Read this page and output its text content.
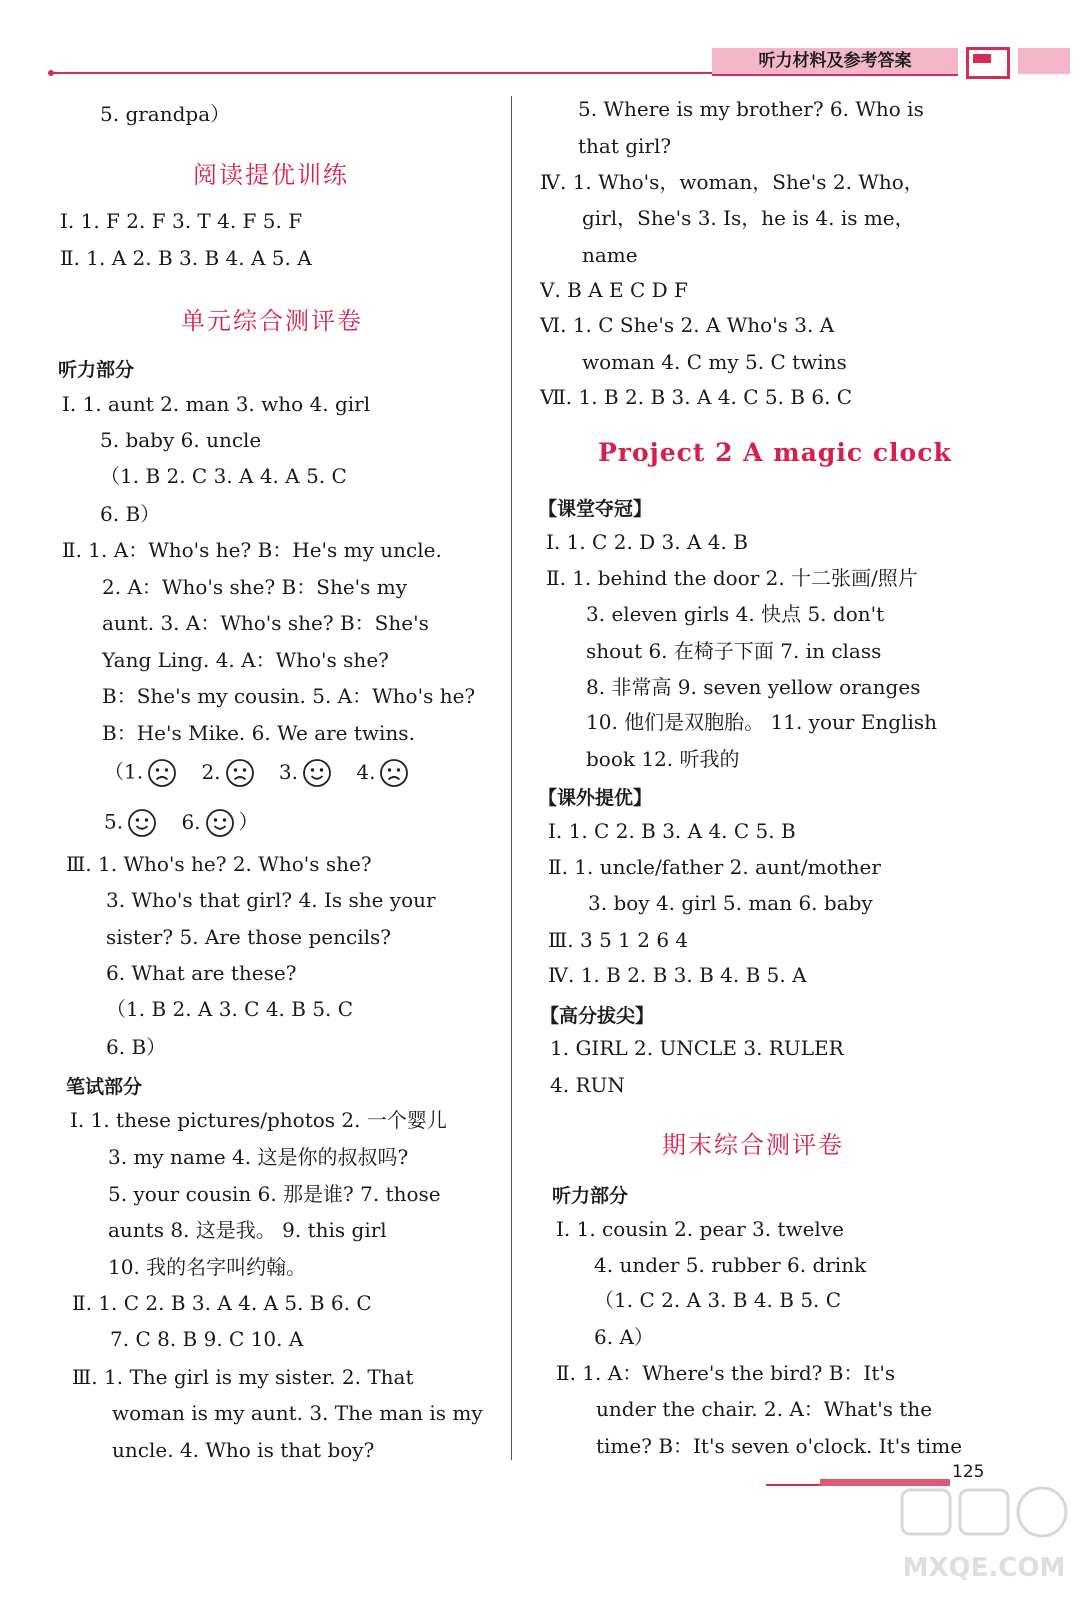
听力材料及参考答案
5. grandpa）
阅读提优训练
Ⅰ. 1. F 2. F 3. T 4. F 5. F
Ⅱ. 1. A 2. B 3. B 4. A 5. A
单元综合测评卷
听力部分
Ⅰ. 1. aunt 2. man 3. who 4. girl
5. baby 6. uncle
（1. B 2. C 3. A 4. A 5. C
6. B）
Ⅱ. 1. A：Who's he? B：He's my uncle.
2. A：Who's she? B：She's my
aunt. 3. A：Who's she? B：She's
Yang Ling. 4. A：Who's she?
B：She's my cousin. 5. A：Who's he?
B：He's Mike. 6. We are twins.
（1.	2.	3.	4.
5.	6. ）
Ⅲ. 1. Who's he? 2. Who's she?
3. Who's that girl? 4. Is she your
sister? 5. Are those pencils?
6. What are these?
（1. B 2. A 3. C 4. B 5. C
6. B）
笔试部分
Ⅰ. 1. these pictures/photos 2. 一个婴儿
3. my name 4. 这是你的叔叔吗?
5. your cousin 6. 那是谁? 7. those
aunts 8. 这是我。 9. this girl
10. 我的名字叫约翰。
Ⅱ. 1. C 2. B 3. A 4. A 5. B 6. C
7. C 8. B 9. C 10. A
Ⅲ. 1. The girl is my sister. 2. That
woman is my aunt. 3. The man is my
uncle. 4. Who is that boy?
5. Where is my brother? 6. Who is
that girl?
Ⅳ. 1. Who's，woman，She's 2. Who，
girl，She's 3. Is，he is 4. is me，
name
Ⅴ. B A E C D F
Ⅵ. 1. C She's 2. A Who's 3. A
woman 4. C my 5. C twins
Ⅶ. 1. B 2. B 3. A 4. C 5. B 6. C
Project 2 A magic clock
【课堂夺冠】
Ⅰ. 1. C 2. D 3. A 4. B
Ⅱ. 1. behind the door 2. 十二张画/照片
3. eleven girls 4. 快点 5. don't
shout 6. 在椅子下面 7. in class
8. 非常高 9. seven yellow oranges
10. 他们是双胞胎。 11. your English
book 12. 听我的
【课外提优】
Ⅰ. 1. C 2. B 3. A 4. C 5. B
Ⅱ. 1. uncle/father 2. aunt/mother
3. boy 4. girl 5. man 6. baby
Ⅲ. 3 5 1 2 6 4
Ⅳ. 1. B 2. B 3. B 4. B 5. A
【高分拔尖】
1. GIRL 2. UNCLE 3. RULER
4. RUN
期末综合测评卷
听力部分
Ⅰ. 1. cousin 2. pear 3. twelve
4. under 5. rubber 6. drink
（1. C 2. A 3. B 4. B 5. C
6. A）
Ⅱ. 1. A：Where's the bird? B：It's
under the chair. 2. A：What's the
time? B：It's seven o'clock. It's time
125
MXQE.COM
